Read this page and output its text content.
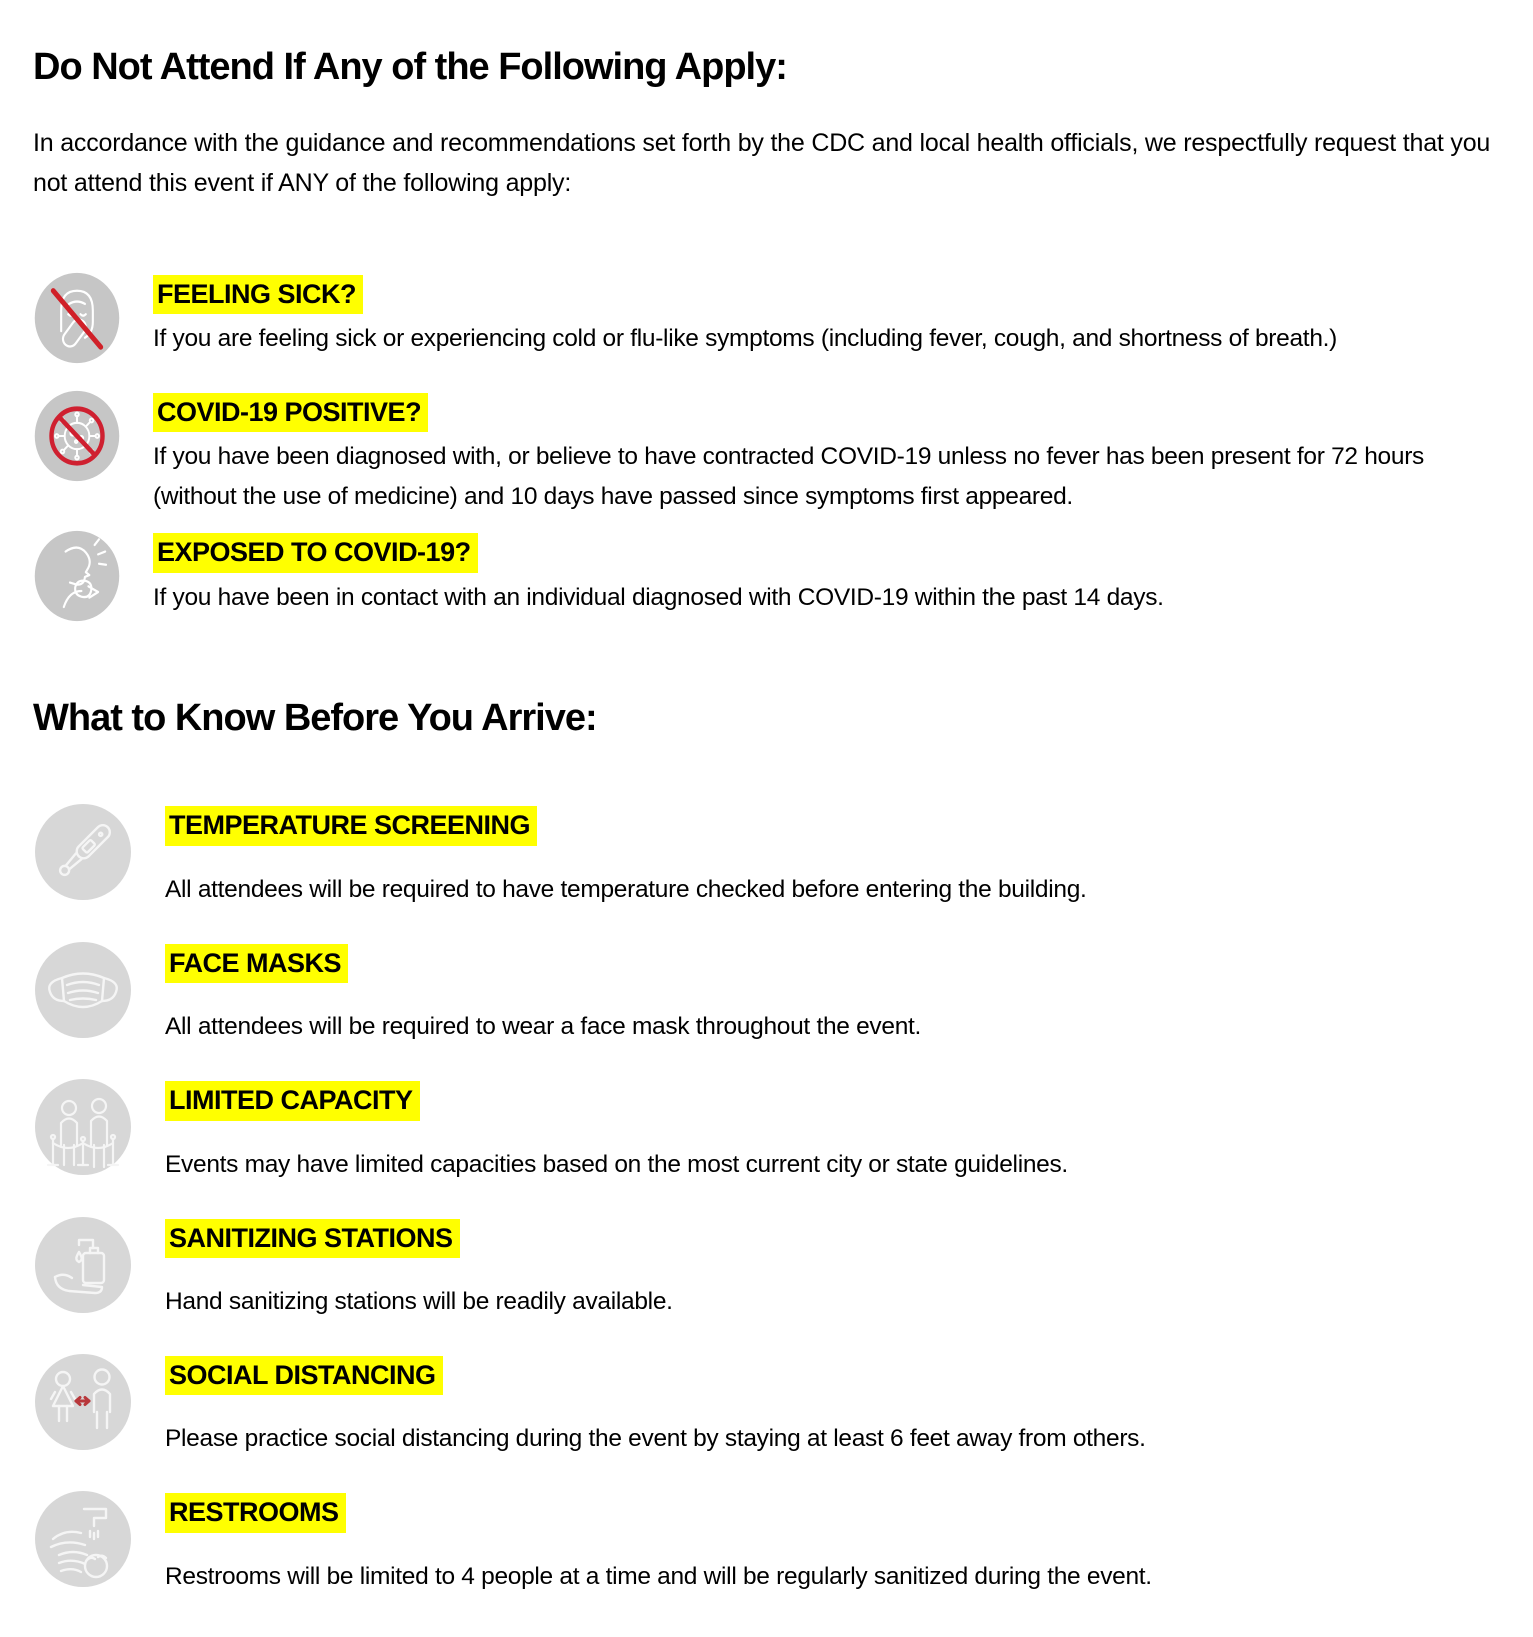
Do Not Attend If Any of the Following Apply:

In accordance with the guidance and recommendations set forth by the CDC and local health officials, we respectfully request that you not attend this event if ANY of the following apply:

FEELING SICK?
If you are feeling sick or experiencing cold or flu-like symptoms (including fever, cough, and shortness of breath.)
COVID-19 POSITIVE?
If you have been diagnosed with, or believe to have contracted COVID-19 unless no fever has been present for 72 hours (without the use of medicine) and 10 days have passed since symptoms first appeared.
EXPOSED TO COVID-19?
If you have been in contact with an individual diagnosed with COVID-19 within the past 14 days.
What to Know Before You Arrive:
TEMPERATURE SCREENING
All attendees will be required to have temperature checked before entering the building.
FACE MASKS
All attendees will be required to wear a face mask throughout the event.
LIMITED CAPACITY
Events may have limited capacities based on the most current city or state guidelines.
SANITIZING STATIONS
Hand sanitizing stations will be readily available.
SOCIAL DISTANCING
Please practice social distancing during the event by staying at least 6 feet away from others.
RESTROOMS
Restrooms will be limited to 4 people at a time and will be regularly sanitized during the event.
